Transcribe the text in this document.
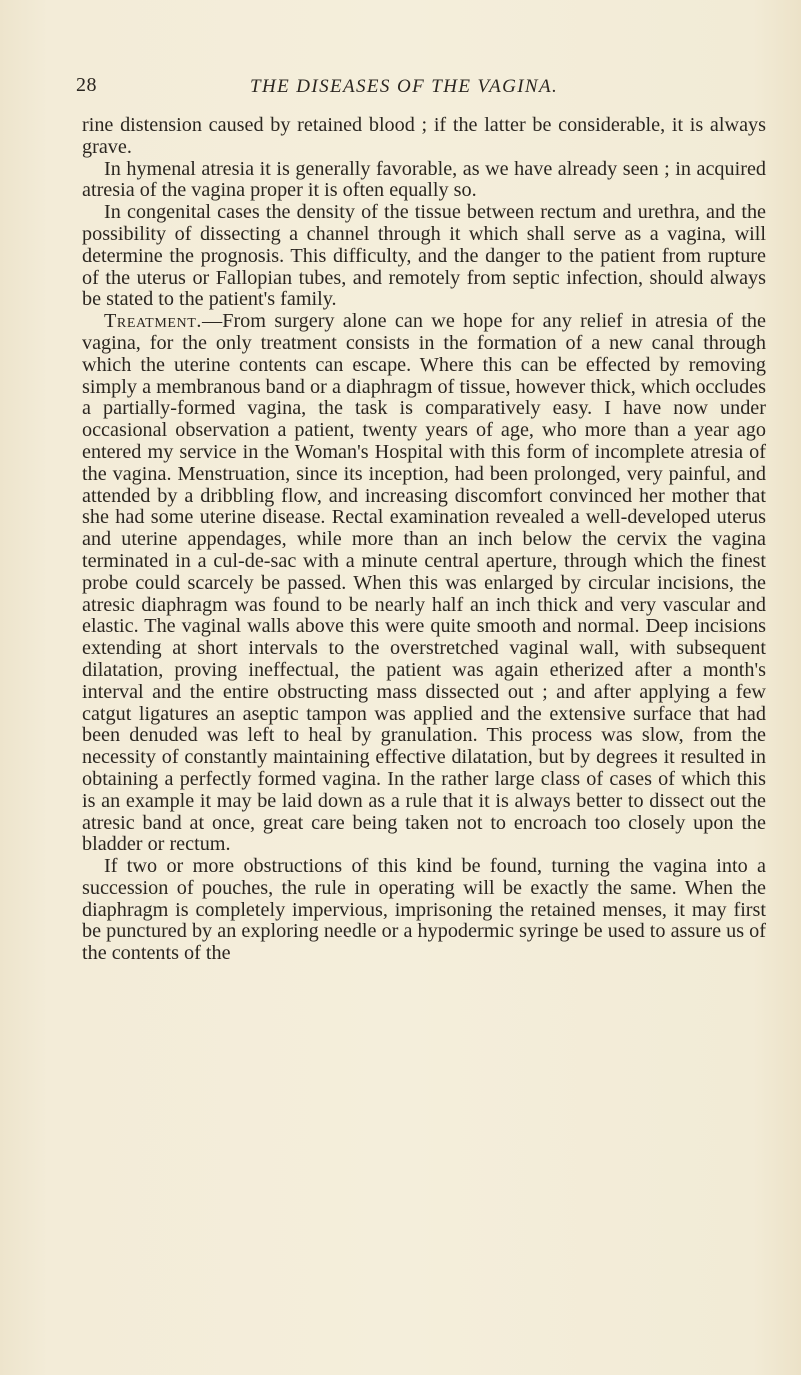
28	THE DISEASES OF THE VAGINA.

rine distension caused by retained blood ; if the latter be considerable, it is always grave.

In hymenal atresia it is generally favorable, as we have already seen ; in acquired atresia of the vagina proper it is often equally so.

In congenital cases the density of the tissue between rectum and urethra, and the possibility of dissecting a channel through it which shall serve as a vagina, will determine the prognosis. This difficulty, and the danger to the patient from rupture of the uterus or Fallopian tubes, and remotely from septic infection, should always be stated to the patient's family.

Treatment.—From surgery alone can we hope for any relief in atresia of the vagina, for the only treatment consists in the formation of a new canal through which the uterine contents can escape. Where this can be effected by removing simply a membranous band or a diaphragm of tissue, however thick, which occludes a partially-formed vagina, the task is comparatively easy. I have now under occasional observation a patient, twenty years of age, who more than a year ago entered my service in the Woman's Hospital with this form of incomplete atresia of the vagina. Menstruation, since its inception, had been prolonged, very painful, and attended by a dribbling flow, and increasing discomfort convinced her mother that she had some uterine disease. Rectal examination revealed a well-developed uterus and uterine appendages, while more than an inch below the cervix the vagina terminated in a cul-de-sac with a minute central aperture, through which the finest probe could scarcely be passed. When this was enlarged by circular incisions, the atresic diaphragm was found to be nearly half an inch thick and very vascular and elastic. The vaginal walls above this were quite smooth and normal. Deep incisions extending at short intervals to the overstretched vaginal wall, with subsequent dilatation, proving ineffectual, the patient was again etherized after a month's interval and the entire obstructing mass dissected out ; and after applying a few catgut ligatures an aseptic tampon was applied and the extensive surface that had been denuded was left to heal by granulation. This process was slow, from the necessity of constantly maintaining effective dilatation, but by degrees it resulted in obtaining a perfectly formed vagina. In the rather large class of cases of which this is an example it may be laid down as a rule that it is always better to dissect out the atresic band at once, great care being taken not to encroach too closely upon the bladder or rectum.

If two or more obstructions of this kind be found, turning the vagina into a succession of pouches, the rule in operating will be exactly the same. When the diaphragm is completely impervious, imprisoning the retained menses, it may first be punctured by an exploring needle or a hypodermic syringe be used to assure us of the contents of the
